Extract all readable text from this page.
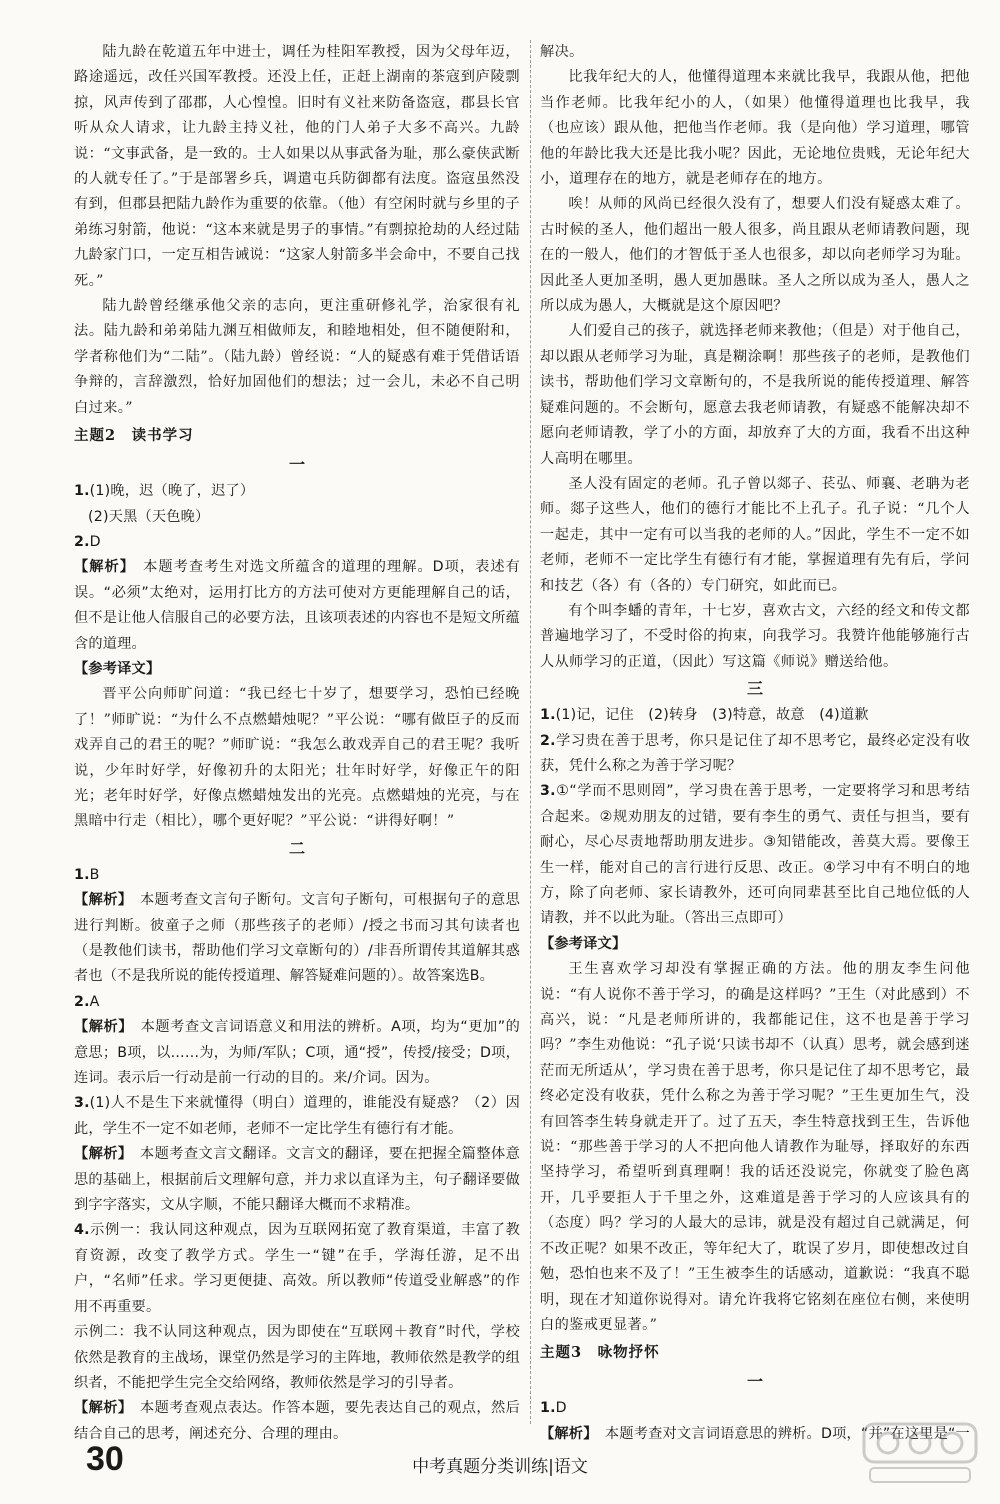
陆九龄在乾道五年中进士，调任为桂阳军教授，因为父母年迈，路途遥远，改任兴国军教授。还没上任，正赶上湖南的茶寇到庐陵剽掠，风声传到了邵郡，人心惶惶。旧时有义社来防备盗寇，郡县长官听从众人请求，让九龄主持义社，他的门人弟子大多不高兴。九龄说：“文事武备，是一致的。士人如果以从事武备为耻，那么豪侠武断的人就专任了。”于是部署乡兵，调遣屯兵防御都有法度。盗寇虽然没有到，但郡县把陆九龄作为重要的依靠。（他）有空闲时就与乡里的子弟练习射箭，他说：“这本来就是男子的事情。”有剽掠抢劫的人经过陆九龄家门口，一定互相告诫说：“这家人射箭多半会命中，不要自己找死。”

陆九龄曾经继承他父亲的志向，更注重研修礼学，治家很有礼法。陆九龄和弟弟陆九渊互相做师友，和睦地相处，但不随便附和，学者称他们为“二陆”。（陆九龄）曾经说：“人的疑惑有难于凭借话语争辩的，言辞激烈，恰好加固他们的想法；过一会儿，未必不自己明白过来。”

主题2　读书学习
一

1.(1)晚，迟（晚了，迟了）

(2)天黑（天色晚）

2.D

【解析】　 本题考查考生对选文所蕴含的道理的理解。D项，表述有误。“必须”太绝对，运用打比方的方法可使对方更能理解自己的话，但不是让他人信服自己的必要方法，且该项表述的内容也不是短文所蕴含的道理。

【参考译文】

晋平公向师旷问道：“我已经七十岁了，想要学习，恐怕已经晚了！”师旷说：“为什么不点燃蜡烛呢？”平公说：“哪有做臣子的反而戏弄自己的君王的呢？”师旷说：“我怎么敢戏弄自己的君王呢？我听说，少年时好学，好像初升的太阳光；壮年时好学，好像正午的阳光；老年时好学，好像点燃蜡烛发出的光亮。点燃蜡烛的光亮，与在黑暗中行走（相比），哪个更好呢？”平公说：“讲得好啊！”

二

1.B

【解析】　 本题考查文言句子断句。文言句子断句，可根据句子的意思进行判断。彼童子之师（那些孩子的老师）/授之书而习其句读者也（是教他们读书，帮助他们学习文章断句的）/非吾所谓传其道解其惑者也（不是我所说的能传授道理、解答疑难问题的）。故答案选B。

2.A

【解析】　 本题考查文言词语意义和用法的辨析。A项，均为“更加”的意思；B项，以……为，为师/军队；C项，通“授”，传授/接受；D项，连词。表示后一行动是前一行动的目的。来/介词。因为。

3.(1)人不是生下来就懂得（明白）道理的，谁能没有疑惑？（2）因此，学生不一定不如老师，老师不一定比学生有德行有才能。

【解析】　 本题考查文言文翻译。文言文的翻译，要在把握全篇整体意思的基础上，根据前后文理解句意，并力求以直译为主，句子翻译要做到字字落实，文从字顺，不能只翻译大概而不求精准。

4.示例一：我认同这种观点，因为互联网拓宽了教育渠道，丰富了教育资源，改变了教学方式。学生一“键”在手，学海任游，足不出户，“名师”任求。学习更便捷、高效。所以教师“传道受业解惑”的作用不再重要。

示例二：我不认同这种观点，因为即使在“互联网＋教育”时代，学校依然是教育的主战场，课堂仍然是学习的主阵地，教师依然是教学的组织者，不能把学生完全交给网络，教师依然是学习的引导者。

【解析】　 本题考查观点表达。作答本题，要先表达自己的观点，然后结合自己的思考，阐述充分、合理的理由。

解决。

比我年纪大的人，他懂得道理本来就比我早，我跟从他，把他当作老师。比我年纪小的人，（如果）他懂得道理也比我早，我（也应该）跟从他，把他当作老师。我（是向他）学习道理，哪管他的年龄比我大还是比我小呢？因此，无论地位贵贱，无论年纪大小，道理存在的地方，就是老师存在的地方。

唉！从师的风尚已经很久没有了，想要人们没有疑惑太难了。古时候的圣人，他们超出一般人很多，尚且跟从老师请教问题，现在的一般人，他们的才智低于圣人也很多，却以向老师学习为耻。因此圣人更加圣明，愚人更加愚昧。圣人之所以成为圣人，愚人之所以成为愚人，大概就是这个原因吧？

人们爱自己的孩子，就选择老师来教他；（但是）对于他自己，却以跟从老师学习为耻，真是糊涂啊！那些孩子的老师，是教他们读书，帮助他们学习文章断句的，不是我所说的能传授道理、解答疑难问题的。不会断句，愿意去我老师请教，有疑惑不能解决却不愿向老师请教，学了小的方面，却放弃了大的方面，我看不出这种人高明在哪里。

圣人没有固定的老师。孔子曾以郯子、苌弘、师襄、老聃为老师。郯子这些人，他们的德行才能比不上孔子。孔子说：“几个人一起走，其中一定有可以当我的老师的人。”因此，学生不一定不如老师，老师不一定比学生有德行有才能，掌握道理有先有后，学问和技艺（各）有（各的）专门研究，如此而已。

有个叫李蟠的青年，十七岁，喜欢古文，六经的经文和传文都普遍地学习了，不受时俗的拘束，向我学习。我赞许他能够施行古人从师学习的正道，（因此）写这篇《师说》赠送给他。

三

1.(1)记，记住　(2)转身　(3)特意，故意　(4)道歉

2.学习贵在善于思考，你只是记住了却不思考它，最终必定没有收获，凭什么称之为善于学习呢？

3.①“学而不思则罔”，学习贵在善于思考，一定要将学习和思考结合起来。②规劝朋友的过错，要有李生的勇气、责任与担当，要有耐心，尽心尽责地帮助朋友进步。③知错能改，善莫大焉。要像王生一样，能对自己的言行进行反思、改正。④学习中有不明白的地方，除了向老师、家长请教外，还可向同辈甚至比自己地位低的人请教，并不以此为耻。（答出三点即可）

【参考译文】

王生喜欢学习却没有掌握正确的方法。他的朋友李生问他说：“有人说你不善于学习，的确是这样吗？”王生（对此感到）不高兴，说：“凡是老师所讲的，我都能记住，这不也是善于学习吗？”李生劝他说：“孔子说‘只读书却不（认真）思考，就会感到迷茫而无所适从’，学习贵在善于思考，你只是记住了却不思考它，最终必定没有收获，凭什么称之为善于学习呢？”王生更加生气，没有回答李生转身就走开了。过了五天，李生特意找到王生，告诉他说：“那些善于学习的人不把向他人请教作为耻辱，择取好的东西坚持学习，希望听到真理啊！我的话还没说完，你就变了脸色离开，几乎要拒人于千里之外，这难道是善于学习的人应该具有的（态度）吗？学习的人最大的忌讳，就是没有超过自己就满足，何不改正呢？如果不改正，等年纪大了，耽误了岁月，即使想改过自勉，恐怕也来不及了！”王生被李生的话感动，道歉说：“我真不聪明，现在才知道你说得对。请允许我将它铭刻在座位右侧，来使明白的鉴戒更显著。”

主题3　咏物抒怀
一

1.D

【解析】　 本题考查对文言词语意思的辨析。D项，“并”在这里是“一

30	中考真题分类训练|语文
